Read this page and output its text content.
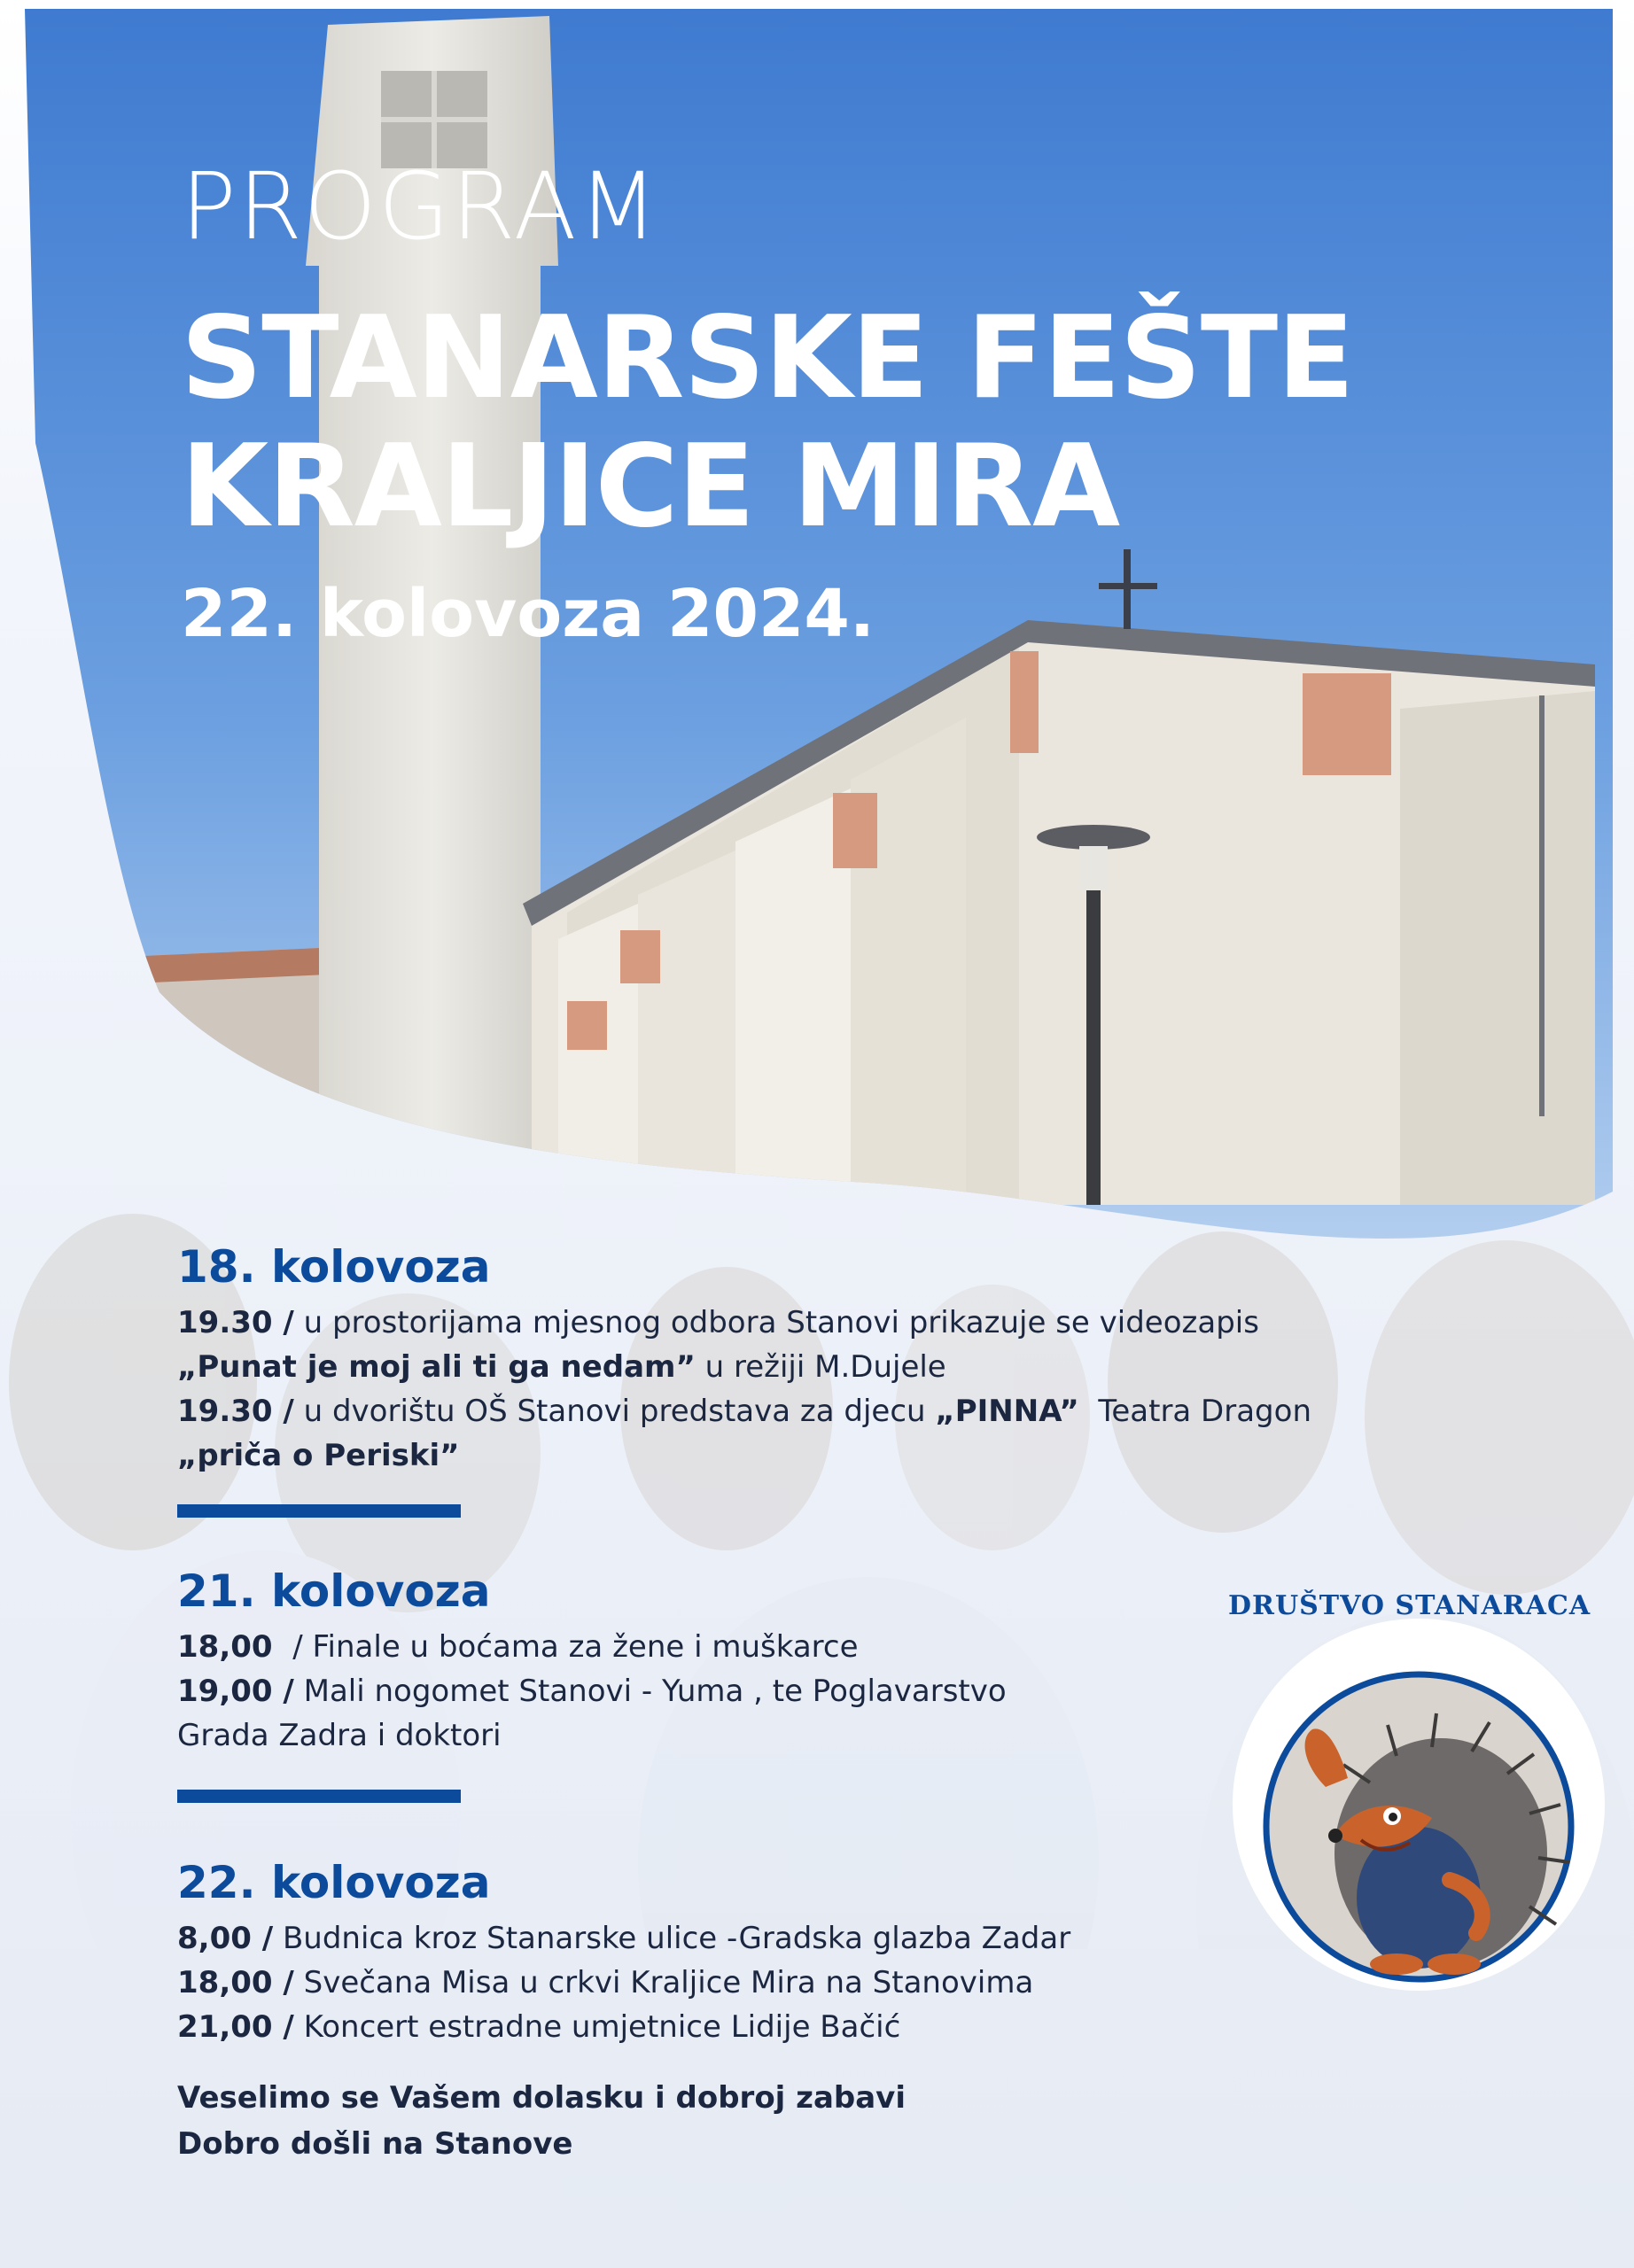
PROGRAM
STANARSKE FEŠTE
KRALJICE MIRA
22. kolovoza 2024.
18. kolovoza
19.30 / u prostorijama mjesnog odbora Stanovi prikazuje se videozapis
„Punat je moj ali ti ga nedam” u režiji M.Dujele
19.30 / u dvorištu OŠ Stanovi predstava za djecu „PINNA”  Teatra Dragon
„priča o Periski”
21. kolovoza
18,00  / Finale u boćama za žene i muškarce
19,00 / Mali nogomet Stanovi - Yuma , te Poglavarstvo
Grada Zadra i doktori
22. kolovoza
8,00 / Budnica kroz Stanarske ulice -Gradska glazba Zadar
18,00 / Svečana Misa u crkvi Kraljice Mira na Stanovima
21,00 / Koncert estradne umjetnice Lidije Bačić
Veselimo se Vašem dolasku i dobroj zabavi
Dobro došli na Stanove
DRUŠTVO STANARACA
